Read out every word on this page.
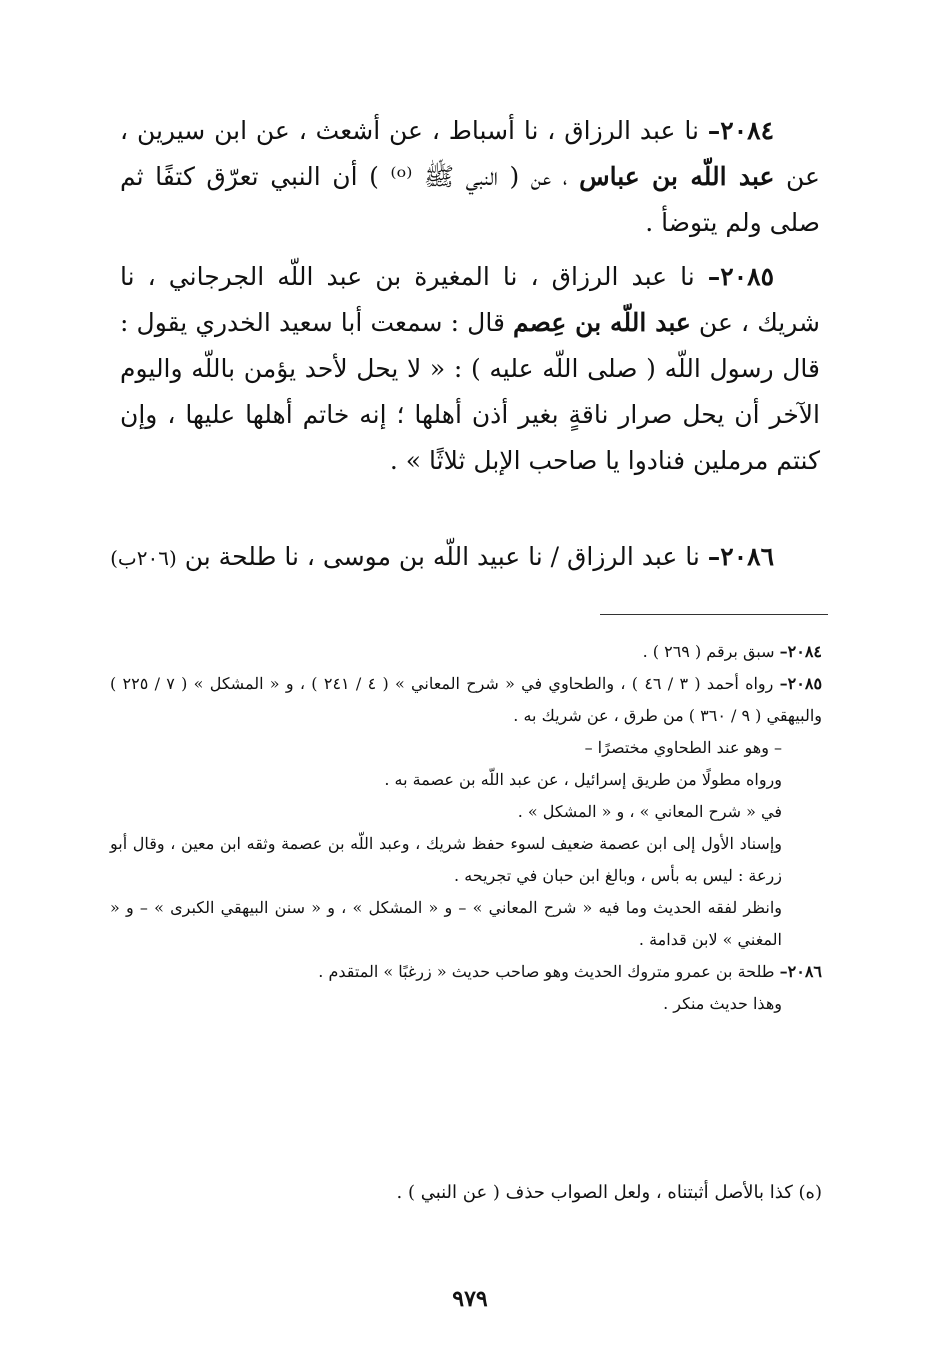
٢٠٨٤– نا عبد الرزاق ، نا أسباط ، عن أشعث ، عن ابن سيرين ، عن عبد اللّه بن عباس ، عن ( النبي ﷺ ⁽ᵒ⁾ ) أن النبي تعرّق كتفًا ثم صلى ولم يتوضأ .

٢٠٨٥– نا عبد الرزاق ، نا المغيرة بن عبد اللّه الجرجاني ، نا شريك ، عن عبد اللّه بن عِصم قال : سمعت أبا سعيد الخدري يقول : قال رسول اللّه ( صلى اللّه عليه ) : « لا يحل لأحد يؤمن باللّه واليوم الآخر أن يحل صرار ناقةٍ بغير أذن أهلها ؛ إنه خاتم أهلها عليها ، وإن كنتم مرملين فنادوا يا صاحب الإبل ثلاثًا » .

٢٠٨٦– نا عبد الرزاق / نا عبيد اللّه بن موسى ، نا طلحة بن (٢٠٦ب)

٢٠٨٤– سبق برقم ( ٢٦٩ ) .

٢٠٨٥– رواه أحمد ( ٣ / ٤٦ ) ، والطحاوي في « شرح المعاني » ( ٤ / ٢٤١ ) ، و « المشكل » ( ٧ / ٢٢٥ ) والبيهقي ( ٩ / ٣٦٠ ) من طرق ، عن شريك به .

– وهو عند الطحاوي مختصرًا –

ورواه مطولًا من طريق إسرائيل ، عن عبد اللّه بن عصمة به .

في « شرح المعاني » ، و « المشكل » .

وإسناد الأول إلى ابن عصمة ضعيف لسوء حفظ شريك ، وعبد اللّه بن عصمة وثقه ابن معين ، وقال أبو زرعة : ليس به بأس ، وبالغ ابن حبان في تجريحه .

وانظر لفقه الحديث وما فيه « شرح المعاني » – و « المشكل » ، و « سنن البيهقي الكبرى » – و « المغني » لابن قدامة .

٢٠٨٦– طلحة بن عمرو متروك الحديث وهو صاحب حديث « زرغبًا » المتقدم .

وهذا حديث منكر .

(ه) كذا بالأصل أثبتناه ، ولعل الصواب حذف ( عن النبي ) .
٩٧٩
